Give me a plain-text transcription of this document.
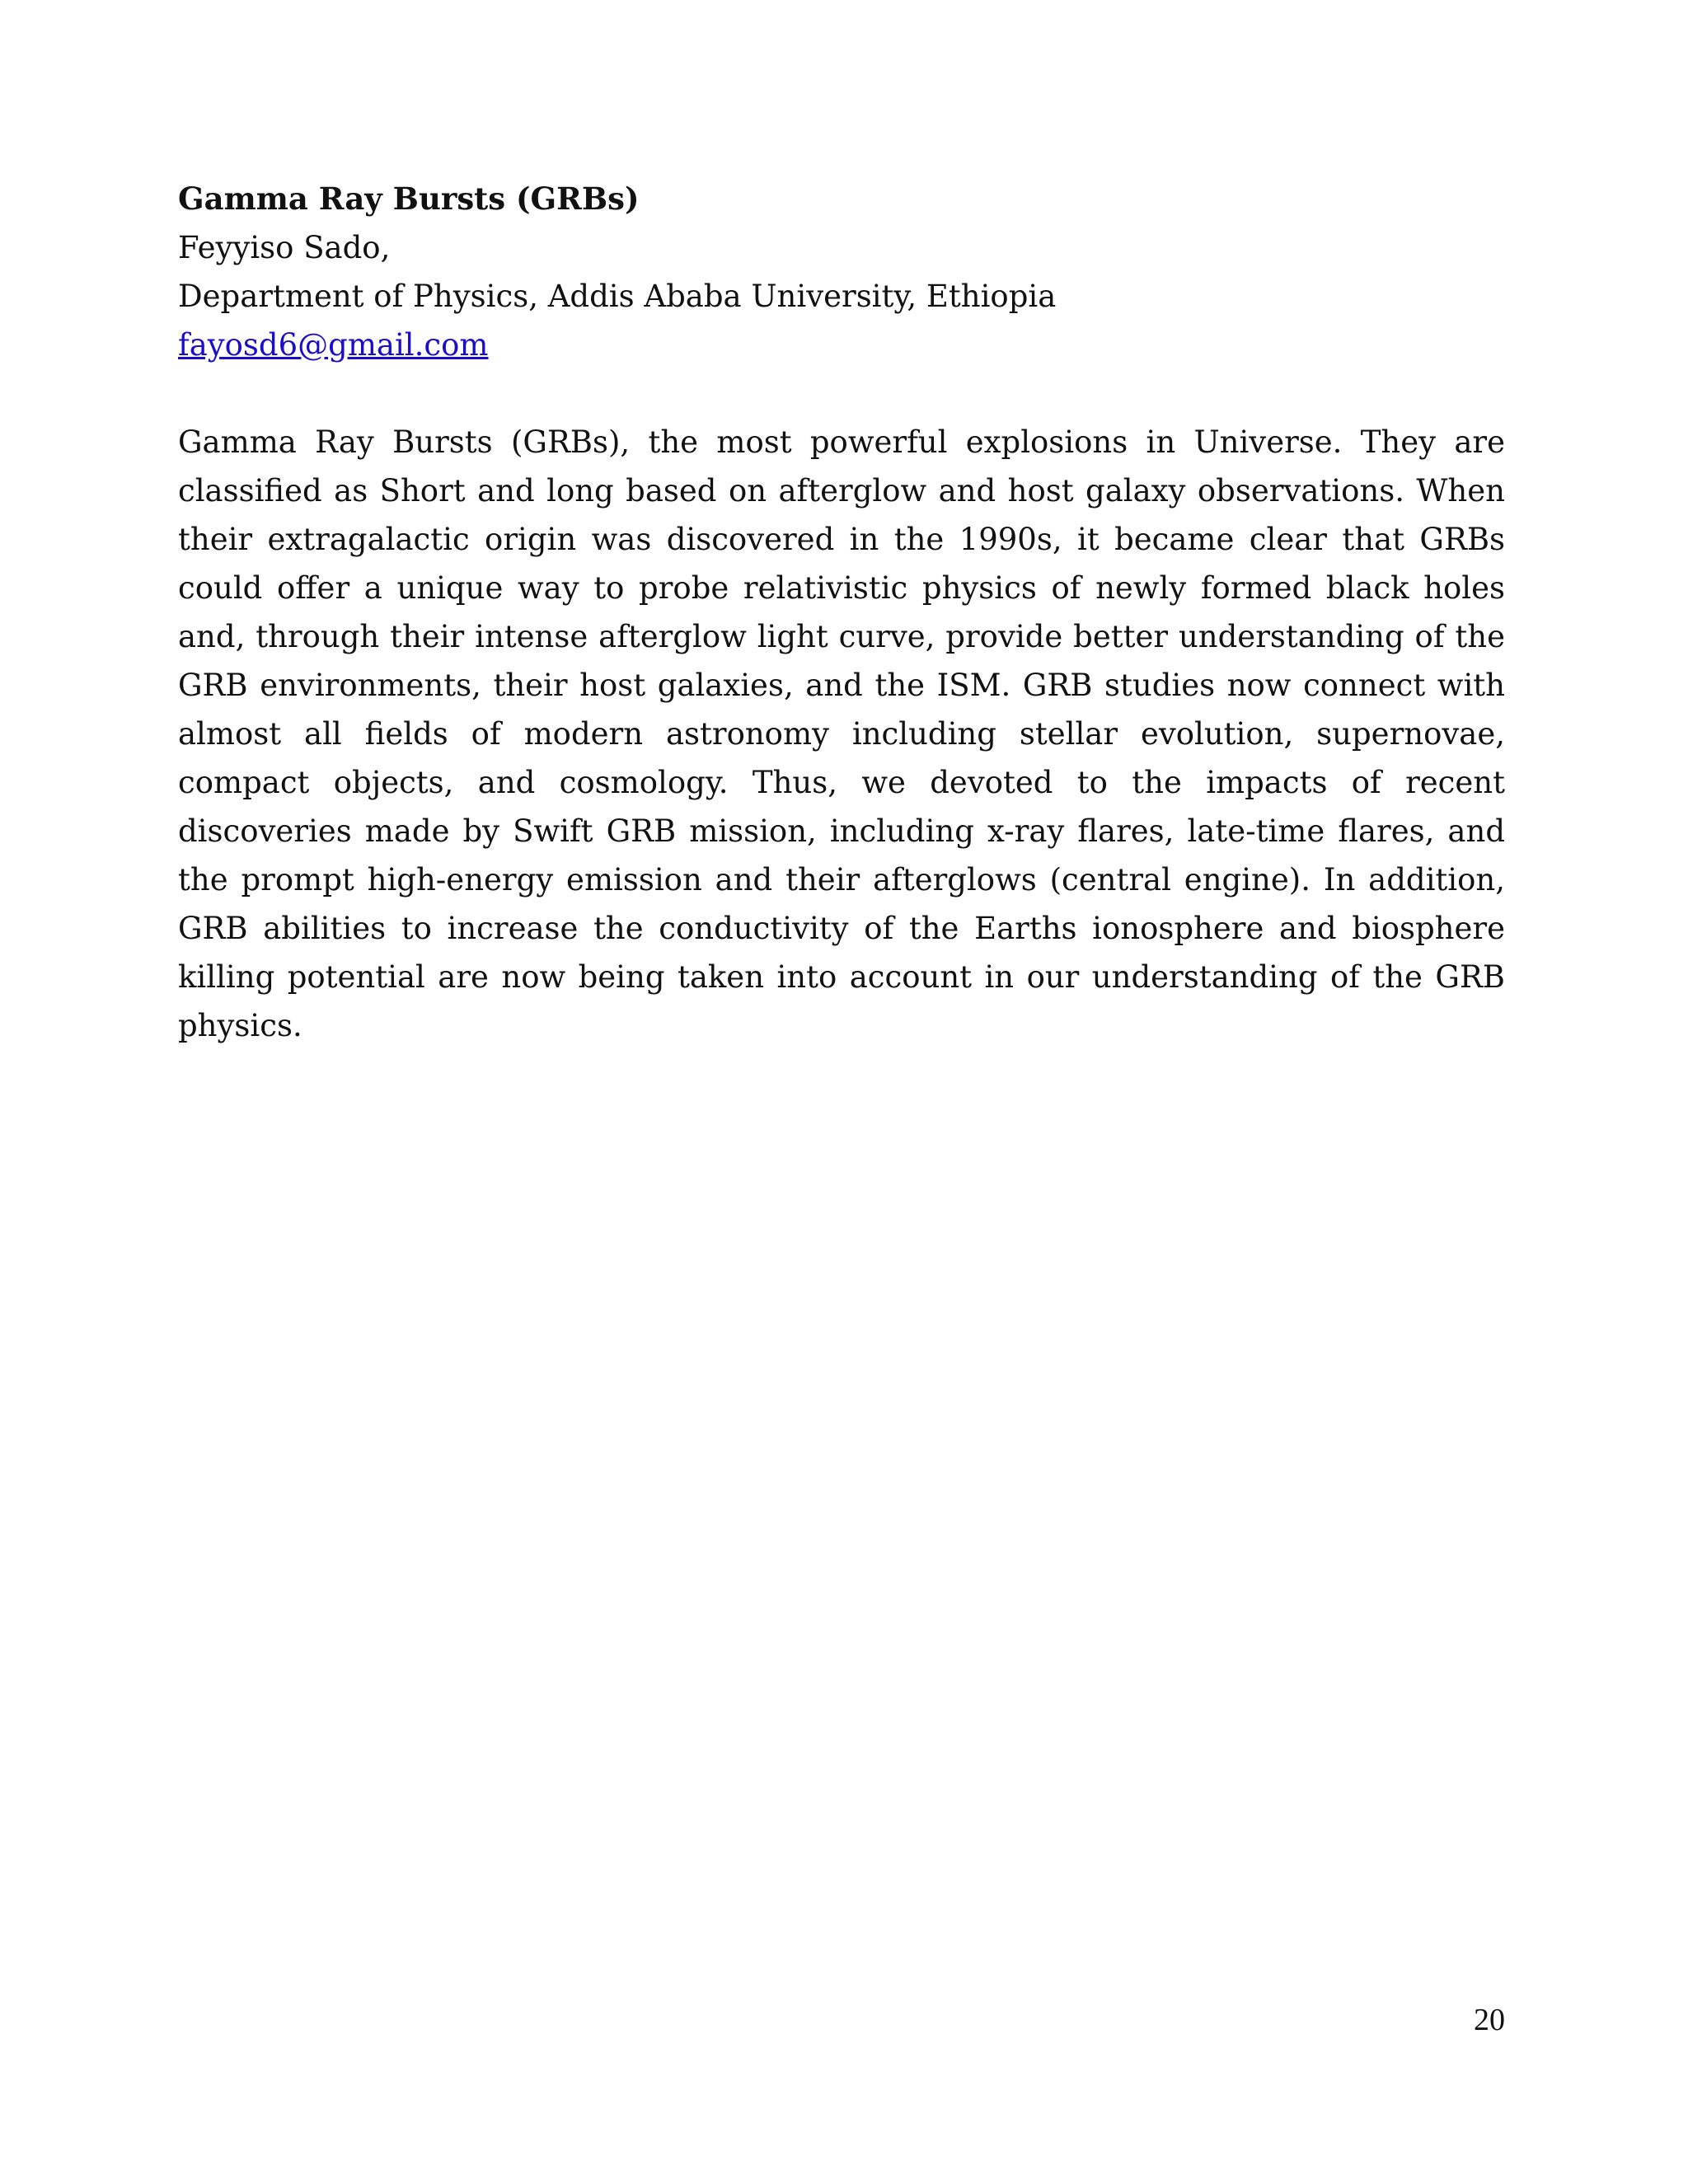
Gamma Ray Bursts (GRBs)

Feyyiso Sado,

Department of Physics, Addis Ababa University, Ethiopia

fayosd6@gmail.com

Gamma Ray Bursts (GRBs), the most powerful explosions in Universe. They are classified as Short and long based on afterglow and host galaxy observations. When their extragalactic origin was discovered in the 1990s, it became clear that GRBs could offer a unique way to probe relativistic physics of newly formed black holes and, through their intense afterglow light curve, provide better understanding of the GRB environments, their host galaxies, and the ISM. GRB studies now connect with almost all fields of modern astronomy including stellar evolution, supernovae, compact objects, and cosmology. Thus, we devoted to the impacts of recent discoveries made by Swift GRB mission, including x-ray flares, late-time flares, and the prompt high-energy emission and their afterglows (central engine). In addition, GRB abilities to increase the conductivity of the Earths ionosphere and biosphere killing potential are now being taken into account in our understanding of the GRB physics.

20
